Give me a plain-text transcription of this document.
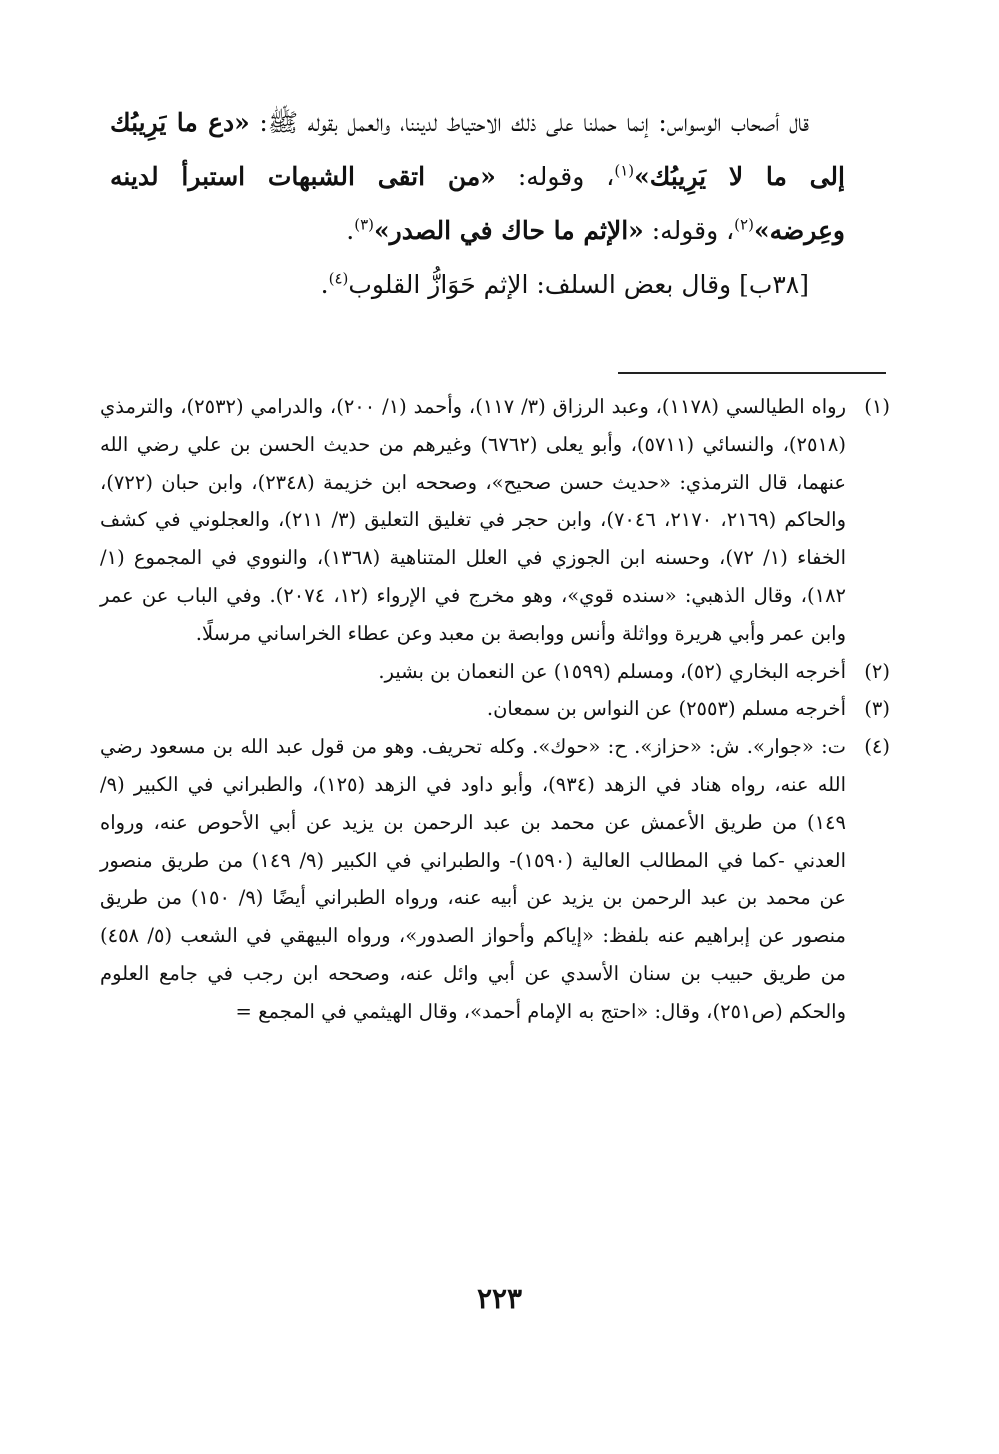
قال أصحاب الوسواس: إنما حملنا على ذلك الاحتياط لديننا، والعمل بقوله ﷺ: «دع ما يَرِيبُك إلى ما لا يَرِيبُك»$^{(١)}$، وقوله: «من اتقى الشبهات استبرأ لدينه وعِرضه»$^{(٢)}$، وقوله: «الإثم ما حاك في الصدر»$^{(٣)}$.

[٣٨ب] وقال بعض السلف: الإثم حَوَازُّ القلوب$^{(٤)}$.

(١)
رواه الطيالسي (١١٧٨)، وعبد الرزاق (٣/ ١١٧)، وأحمد (١/ ٢٠٠)، والدرامي (٢٥٣٢)، والترمذي (٢٥١٨)، والنسائي (٥٧١١)، وأبو يعلى (٦٧٦٢) وغيرهم من حديث الحسن بن علي رضي الله عنهما، قال الترمذي: «حديث حسن صحيح»، وصححه ابن خزيمة (٢٣٤٨)، وابن حبان (٧٢٢)، والحاكم (٢١٦٩، ٢١٧٠، ٧٠٤٦)، وابن حجر في تغليق التعليق (٣/ ٢١١)، والعجلوني في كشف الخفاء (١/ ٧٢)، وحسنه ابن الجوزي في العلل المتناهية (١٣٦٨)، والنووي في المجموع (١/ ١٨٢)، وقال الذهبي: «سنده قوي»، وهو مخرج في الإرواء (١٢، ٢٠٧٤). وفي الباب عن عمر وابن عمر وأبي هريرة وواثلة وأنس ووابصة بن معبد وعن عطاء الخراساني مرسلًا.
(٢)
أخرجه البخاري (٥٢)، ومسلم (١٥٩٩) عن النعمان بن بشير.
(٣)
أخرجه مسلم (٢٥٥٣) عن النواس بن سمعان.
(٤)
ت: «جوار». ش: «حزاز». ح: «حوك». وكله تحريف. وهو من قول عبد الله بن مسعود رضي الله عنه، رواه هناد في الزهد (٩٣٤)، وأبو داود في الزهد (١٢٥)، والطبراني في الكبير (٩/ ١٤٩) من طريق الأعمش عن محمد بن عبد الرحمن بن يزيد عن أبي الأحوص عنه، ورواه العدني -كما في المطالب العالية (١٥٩٠)- والطبراني في الكبير (٩/ ١٤٩) من طريق منصور عن محمد بن عبد الرحمن بن يزيد عن أبيه عنه، ورواه الطبراني أيضًا (٩/ ١٥٠) من طريق منصور عن إبراهيم عنه بلفظ: «إياكم وأحواز الصدور»، ورواه البيهقي في الشعب (٥/ ٤٥٨) من طريق حبيب بن سنان الأسدي عن أبي وائل عنه، وصححه ابن رجب في جامع العلوم والحكم (ص٢٥١)، وقال: «احتج به الإمام أحمد»، وقال الهيثمي في المجمع =
٢٢٣
